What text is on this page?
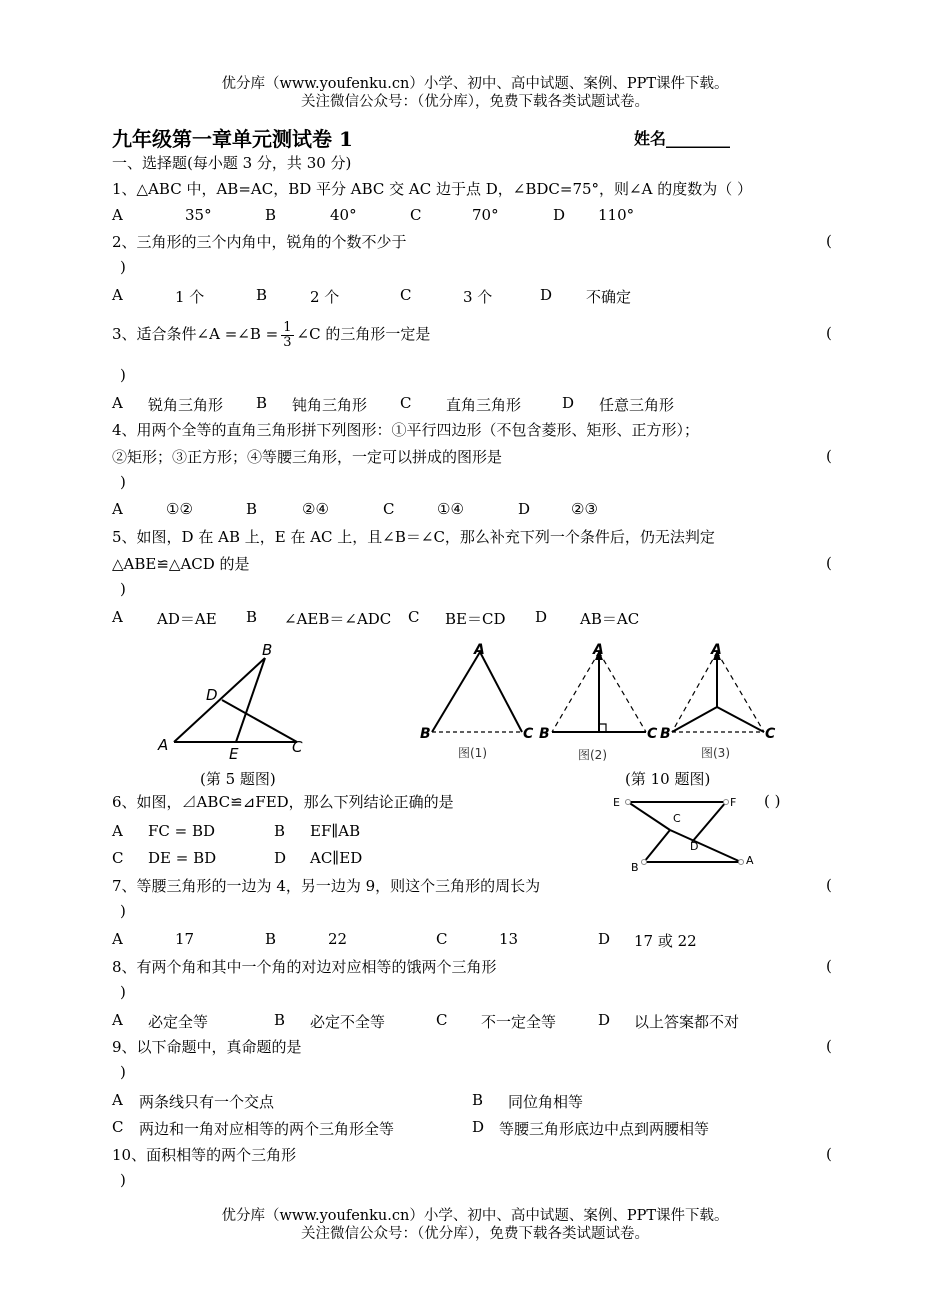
优分库（www.youfenku.cn）小学、初中、高中试题、案例、PPT课件下载。
关注微信公众号：（优分库），免费下载各类试题试卷。
九年级第一章单元测试卷 1	姓名________
一、选择题(每小题 3 分，共 30 分)
1、△ABC 中，AB=AC，BD 平分 ABC 交 AC 边于点 D，∠BDC=75°，则∠A 的度数为（ ）
A	35°	B	40°	C	70°	D 110°
2、三角形的三个内角中，锐角的个数不少于	(
)
A	1 个	B	2 个	C	3 个	D 不确定
3、适合条件∠A =∠B = $\frac{1}{3}$ ∠C 的三角形一定是	(
)
A 锐角三角形 B 钝角三角形 C 直角三角形	D 任意三角形
4、用两个全等的直角三角形拼下列图形：①平行四边形（不包含菱形、矩形、正方形）；
②矩形；③正方形；④等腰三角形，一定可以拼成的图形是	(
)
A	①②	B	②④	C	①④	D	②③
5、如图，D 在 AB 上，E 在 AC 上，且∠B＝∠C，那么补充下列一个条件后，仍无法判定
△ABE≌△ACD 的是	(
)
A AD＝AE B ∠AEB＝∠ADC C BE＝CD D AB＝AC
B
D
A	E	C
(第 5 题图)
A
B	C
A
B	C
A
B	C
图(1)	图(2)	图(3)
(第 10 题图)
6、如图，⊿ABC≌⊿FED，那么下列结论正确的是	( )
A FC = BD	B EF∥AB
C DE = BD	D AC∥ED
E	F
C
D
B
A
7、等腰三角形的一边为 4，另一边为 9，则这个三角形的周长为	(
)
A	17	B	22	C	13	D 17 或 22
8、有两个角和其中一个角的对边对应相等的饿两个三角形	(
)
A 必定全等	B 必定不全等	C 不一定全等	D 以上答案都不对
9、以下命题中，真命题的是	(
)
A 两条线只有一个交点	B 同位角相等
C 两边和一角对应相等的两个三角形全等	D 等腰三角形底边中点到两腰相等
10、面积相等的两个三角形	(
)
优分库（www.youfenku.cn）小学、初中、高中试题、案例、PPT课件下载。
关注微信公众号：（优分库），免费下载各类试题试卷。
